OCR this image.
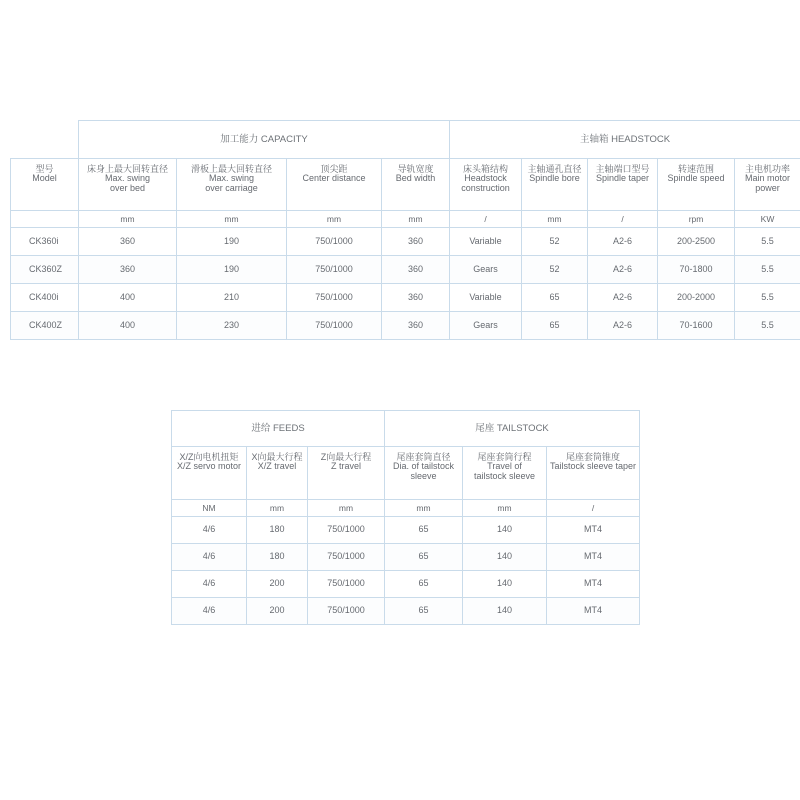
	加工能力 CAPACITY				主轴箱 HEADSTOCK				

型号
Model	床身上最大回转直径
Max. swing
over bed	滑板上最大回转直径
Max. swing
over carriage	顶尖距
Center distance	导轨宽度
Bed width	床头箱结构
Headstock
construction	主轴通孔直径
Spindle bore	主轴端口型号
Spindle taper	转速范围
Spindle speed	主电机功率
Main motor
power

	mm	mm	mm	mm	/	mm	/	rpm	KW
CK360i	360	190	750/1000	360	Variable	52	A2-6	200-2500	5.5
CK360Z	360	190	750/1000	360	Gears	52	A2-6	70-1800	5.5
CK400i	400	210	750/1000	360	Variable	65	A2-6	200-2000	5.5
CK400Z	400	230	750/1000	360	Gears	65	A2-6	70-1600	5.5
进给 FEEDS			尾座 TAILSTOCK		

X/Z向电机扭矩
X/Z servo motor	X向最大行程
X/Z travel	Z向最大行程
Z travel	尾座套筒直径
Dia. of tailstock
sleeve	尾座套筒行程
Travel of
tailstock sleeve	尾座套筒锥度
Tailstock sleeve taper

NM	mm	mm	mm	mm	/
4/6	180	750/1000	65	140	MT4
4/6	180	750/1000	65	140	MT4
4/6	200	750/1000	65	140	MT4
4/6	200	750/1000	65	140	MT4
